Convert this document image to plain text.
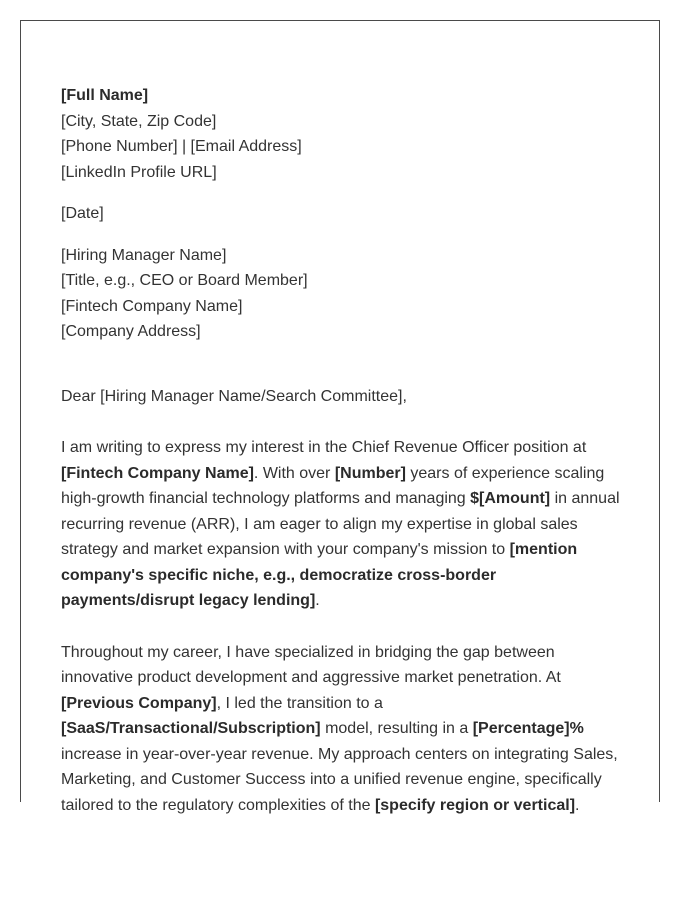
[Full Name]
[City, State, Zip Code]
[Phone Number] | [Email Address]
[LinkedIn Profile URL]
[Date]
[Hiring Manager Name]
[Title, e.g., CEO or Board Member]
[Fintech Company Name]
[Company Address]

Dear [Hiring Manager Name/Search Committee],

I am writing to express my interest in the Chief Revenue Officer position at [Fintech Company Name]. With over [Number] years of experience scaling high-growth financial technology platforms and managing $[Amount] in annual recurring revenue (ARR), I am eager to align my expertise in global sales strategy and market expansion with your company's mission to [mention company's specific niche, e.g., democratize cross-border payments/disrupt legacy lending].

Throughout my career, I have specialized in bridging the gap between innovative product development and aggressive market penetration. At [Previous Company], I led the transition to a [SaaS/Transactional/Subscription] model, resulting in a [Percentage]% increase in year-over-year revenue. My approach centers on integrating Sales, Marketing, and Customer Success into a unified revenue engine, specifically tailored to the regulatory complexities of the [specify region or vertical].
